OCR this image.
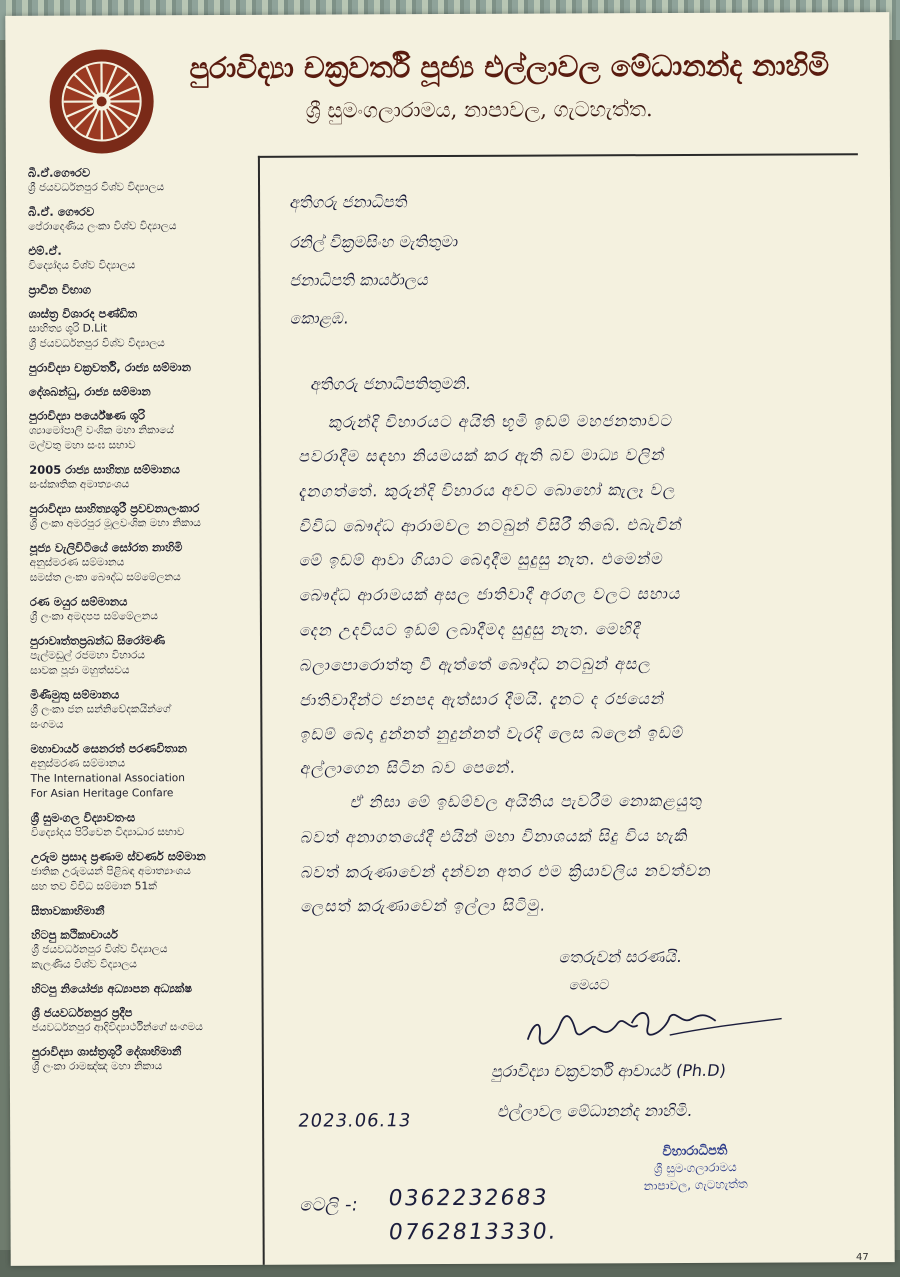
පුරාවිද්‍යා චක්‍රවර්ති පූජ්‍ය එල්ලාවල මේධානන්ද නාහිමි
ශ්‍රී සුමංගලාරාමය, නාපාවල, ගැටහැත්ත.
බී.ඒ.ගෞරව
ශ්‍රී ජයවර්ධනපුර විශ්ව විද්‍යාලය
බී.ඒ. ගෞරව
පේරාදෙණිය ලංකා විශ්ව විද්‍යාලය
එම්.ඒ.
විද්‍යෝදය විශ්ව විද්‍යාලය
ප්‍රාචීන විභාග
ශාස්ත්‍ර විශාරද පණ්ඩිත
සාහිත්‍ය ශූරි D.Lit
ශ්‍රී ජයවර්ධනපුර විශ්ව විද්‍යාලය
පුරාවිද්‍යා චක්‍රවර්ති, රාජ්‍ය සම්මාන
දේශබන්ධු, රාජ්‍ය සම්මාන
පුරාවිද්‍යා පර්යේෂණ ශූරි
ශ්‍යාමෝපාලි වංශික මහා නිකායේ
මල්වතු මහා සංඝ සභාව
2005 රාජ්‍ය සාහිත්‍ය සම්මානය
සංස්කෘතික අමාත්‍යංශය
පුරාවිද්‍යා සාහිත්‍යශූරී ප්‍රවචනාලංකාර
ශ්‍රී ලංකා අමරපුර මූලවංශික මහා නිකාය
පූජ්‍ය වැලිවිටියේ සෝරත නාහිමි
අනුස්මරණ සම්මානය
සමස්ත ලංකා බෞද්ධ සම්මේලනය
රණ මයුර සම්මානය
ශ්‍රී ලංකා අමදපප සම්මේලනය
පුරාවෘත්තප්‍රබන්ධ සිරෝමණි
පැල්මඩුල් රජමහා විහාරය
සාවක පූජා මහුත්සවය
මිණිමුතු සම්මානය
ශ්‍රී ලංකා ජන සන්නිවේදකයින්ගේ
සංගමය
මහාචාර්ය සෙනරත් පරණවිතාන
අනුස්මරණ සම්මානය
The International Association
For Asian Heritage Confare
ශ්‍රී සුමංගල විද්‍යාවතංස
විද්‍යෝදය පිරිවෙන විද්‍යාධාර සභාව
උරුම ප්‍රසාද ප්‍රණාම ස්වර්ණ සම්මාන
ජාතික උරුමයන් පිළිබඳ අමාත්‍යාංශය
සහ තව විවිධ සම්මාන 51ක්
සීතාවකාභිමානී
හිටපු කථිකාචාර්ය
ශ්‍රී ජයවර්ධනපුර විශ්ව විද්‍යාලය
කැලණිය විශ්ව විද්‍යාලය
හිටපු නියෝජ්‍ය අධ්‍යාපන අධ්‍යක්ෂ
ශ්‍රී ජයවර්ධනපුර ප්‍රදීප
ජයවර්ධනපුර ආදිවිද්‍යාර්ථීන්ගේ සංගමය
පුරාවිද්‍යා ශාස්ත්‍රශූරී දේශාභිමානී
ශ්‍රී ලංකා රාමඤ්ඤ මහා නිකාය
අතිගරු ජනාධිපති
රනිල් වික්‍රමසිංහ මැතිතුමා
ජනාධිපති කාර්යාලය
කොළඹ.
අතිගරු ජනාධිපතිතුමනි.
කුරුන්දි විහාරයට අයිති භූමි ඉඩම් මහජනතාවට
පවරාදීම සඳහා නියමයක් කර ඇති බව මාධ්‍ය වලින්
දැනගත්තේ. කුරුන්දි විහාරය අවට බොහෝ කැලෑ වල
විවිධ බෞද්ධ ආරාමවල නටබුන් විසිරී තිබේ. එබැවින්
මේ ඉඩම් ආවා ගියාට බෙදාදීම සුදුසු නැත. එමෙන්ම
බෞද්ධ ආරාමයක් අසල ජාතිවාදී අරගල වලට සහාය
දෙන උදවියට ඉඩම් ලබාදීමද සුදුසු නැත. මෙහිදී
බලාපොරොත්තු වී ඇත්තේ බෞද්ධ නටබුන් අසල
ජාතිවාදීන්ට ජනපද ඇත්සාර දීමයි. දැනට ද රජයෙන්
ඉඩම් බෙදා දුන්නත් නුදුන්නත් වැරදි ලෙස බලෙන් ඉඩම්
අල්ලාගෙන සිටින බව පෙනේ.
ඒ නිසා මේ ඉඩම්වල අයිතිය පැවරීම නොකළයුතු
බවත් අනාගතයේදී එයින් මහා විනාශයක් සිදු විය හැකි
බවත් කරුණාවෙන් දන්වන අතර එම ක්‍රියාවලිය නවත්වන
ලෙසත් කරුණාවෙන් ඉල්ලා සිටිමු.
තෙරුවන් සරණයි.
මෙයට
පුරාවිද්‍යා චක්‍රවර්ති ආචාර්ය (Ph.D)
එල්ලාවල මේධානන්ද නාහිමි.
2023.06.13
විහාරාධිපති
ශ්‍රී සුමංගලාරාමය
නාපාවල, ගැටහැත්ත
ටෙලි -: 0362232683
0762813330.
47
